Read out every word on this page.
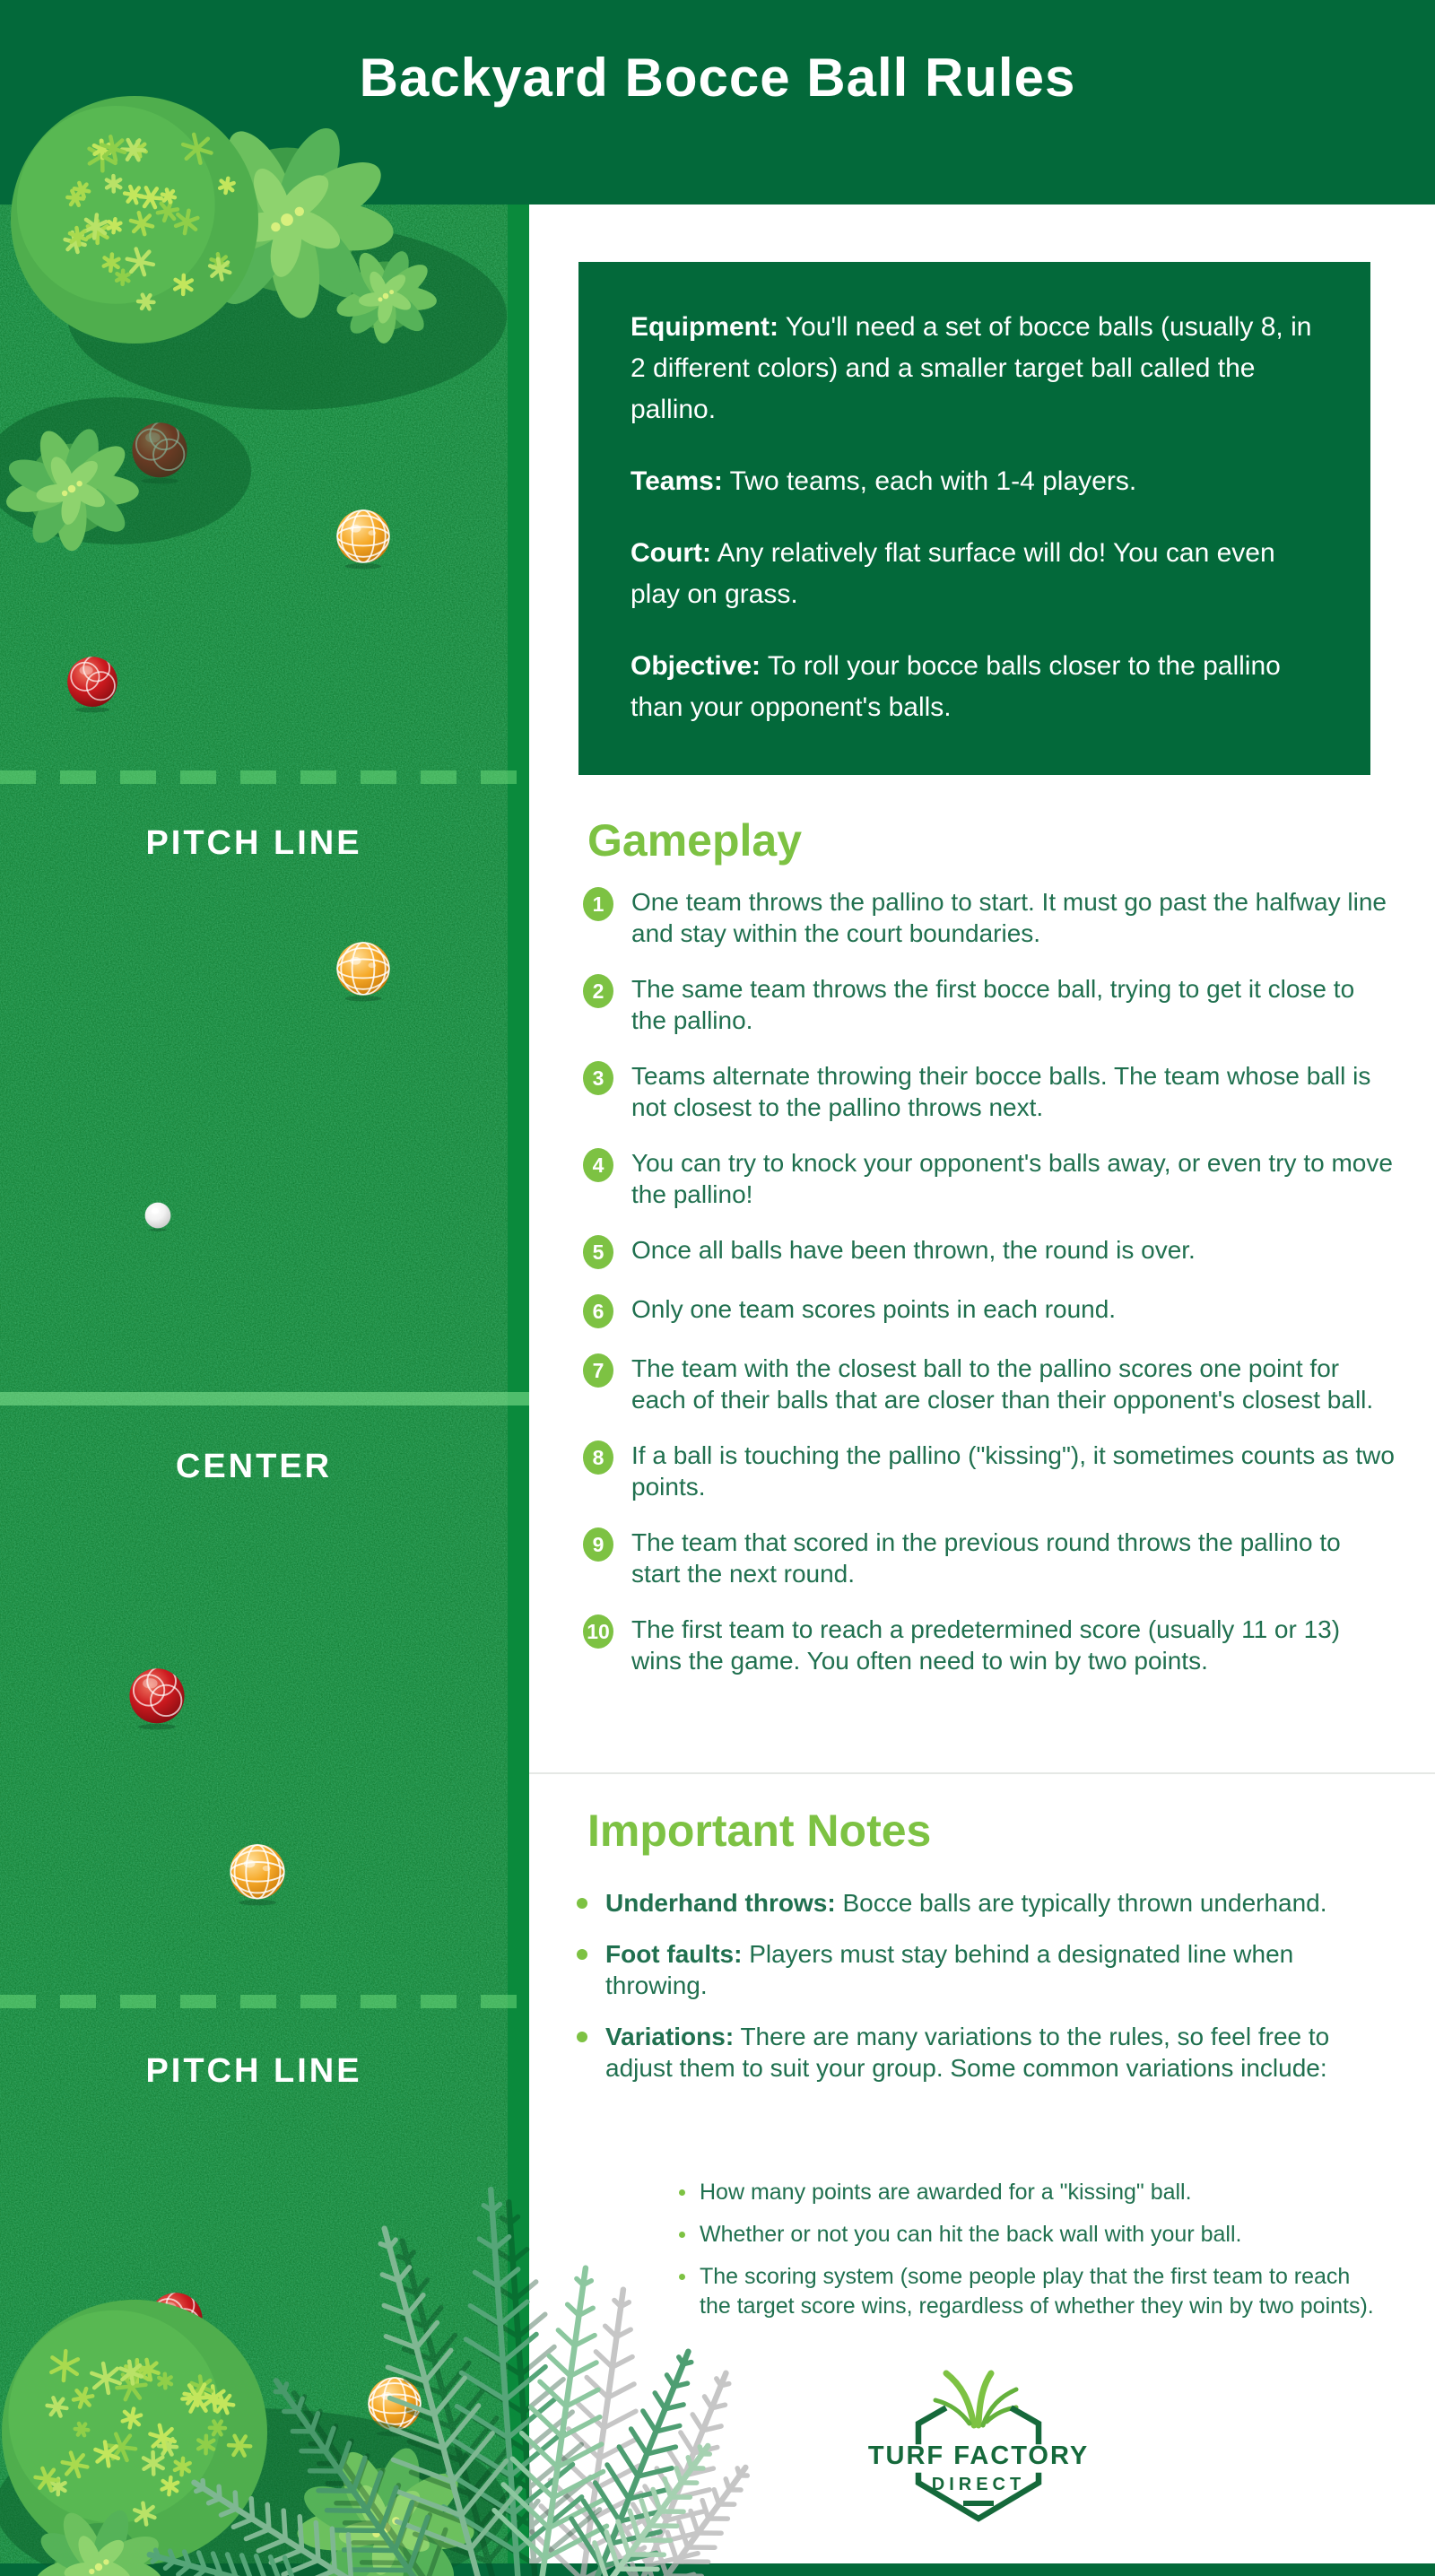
Backyard Bocce Ball Rules
PITCH LINE
CENTER
PITCH LINE

Equipment: You'll need a set of bocce balls (usually 8, in 2 different colors) and a smaller target ball called the pallino.

Teams: Two teams, each with 1-4 players.

Court: Any relatively flat surface will do! You can even play on grass.

Objective: To roll your bocce balls closer to the pallino than your opponent's balls.

Gameplay
1	One team throws the pallino to start. It must go past the halfway line and stay within the court boundaries.
2	The same team throws the first bocce ball, trying to get it close to the pallino.
3	Teams alternate throwing their bocce balls. The team whose ball is not closest to the pallino throws next.
4	You can try to knock your opponent's balls away, or even try to move the pallino!
5	Once all balls have been thrown, the round is over.
6	Only one team scores points in each round.
7	The team with the closest ball to the pallino scores one point for each of their balls that are closer than their opponent's closest ball.
8	If a ball is touching the pallino ("kissing"), it sometimes counts as two points.
9	The team that scored in the previous round throws the pallino to start the next round.
10 The first team to reach a predetermined score (usually 11 or 13) wins the game. You often need to win by two points.
Important Notes
Underhand throws: Bocce balls are typically thrown underhand.
Foot faults: Players must stay behind a designated line when throwing.
Variations: There are many variations to the rules, so feel free to adjust them to suit your group. Some common variations include:
How many points are awarded for a "kissing" ball.
Whether or not you can hit the back wall with your ball.
The scoring system (some people play that the first team to reach the target score wins, regardless of whether they win by two points).
TURF FACTORY
DIRECT
